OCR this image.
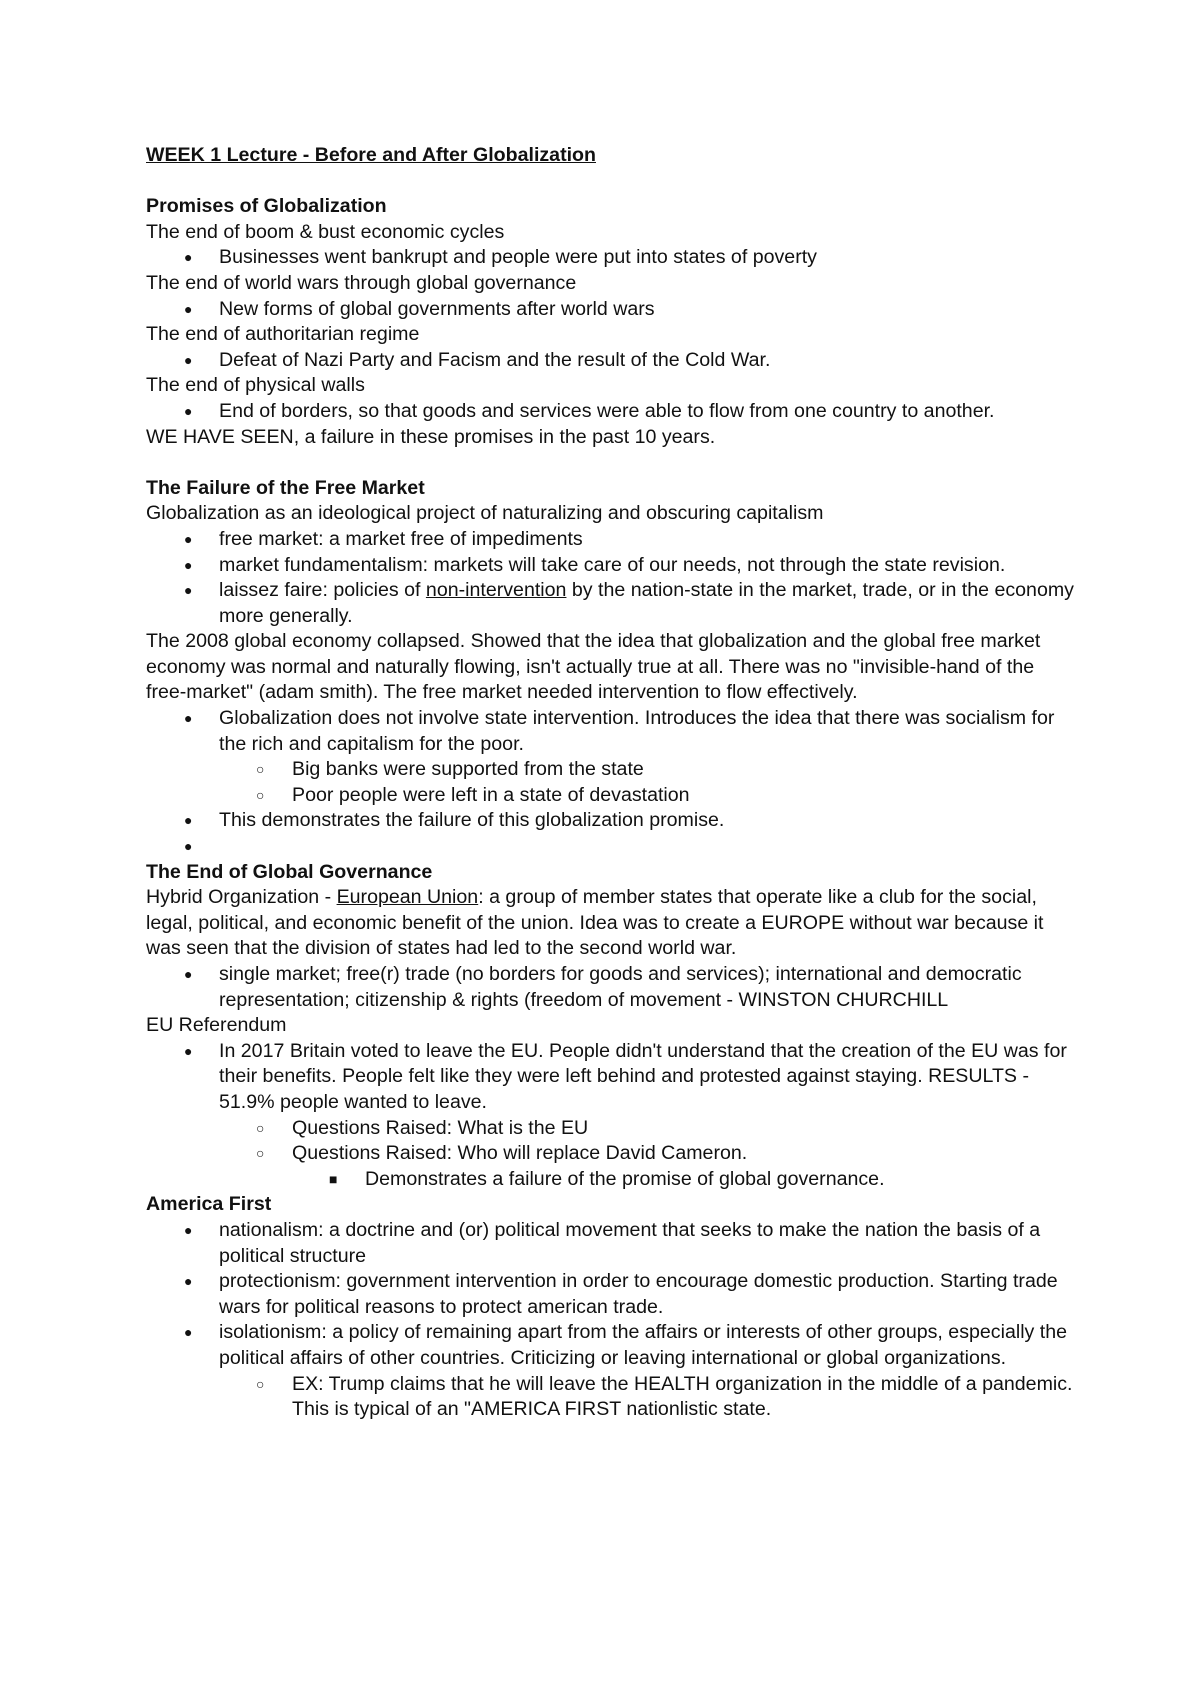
WEEK 1 Lecture - Before and After Globalization

Promises of Globalization

The end of boom & bust economic cycles

● Businesses went bankrupt and people were put into states of poverty

The end of world wars through global governance

● New forms of global governments after world wars

The end of authoritarian regime

● Defeat of Nazi Party and Facism and the result of the Cold War.

The end of physical walls

● End of borders, so that goods and services were able to flow from one country to another.

WE HAVE SEEN, a failure in these promises in the past 10 years.

The Failure of the Free Market

Globalization as an ideological project of naturalizing and obscuring capitalism

● free market: a market free of impediments
● market fundamentalism: markets will take care of our needs, not through the state revision.
● laissez faire: policies of non-intervention by the nation-state in the market, trade, or in the economy more generally.

The 2008 global economy collapsed. Showed that the idea that globalization and the global free market economy was normal and naturally flowing, isn't actually true at all. There was no "invisible-hand of the free-market" (adam smith). The free market needed intervention to flow effectively.

● Globalization does not involve state intervention. Introduces the idea that there was socialism for the rich and capitalism for the poor.
○ Big banks were supported from the state
○ Poor people were left in a state of devastation
● This demonstrates the failure of this globalization promise.
●

The End of Global Governance

Hybrid Organization - European Union: a group of member states that operate like a club for the social, legal, political, and economic benefit of the union. Idea was to create a EUROPE without war because it was seen that the division of states had led to the second world war.

● single market; free(r) trade (no borders for goods and services); international and democratic representation; citizenship & rights (freedom of movement - WINSTON CHURCHILL

EU Referendum

● In 2017 Britain voted to leave the EU. People didn't understand that the creation of the EU was for their benefits. People felt like they were left behind and protested against staying. RESULTS - 51.9% people wanted to leave.
○ Questions Raised: What is the EU
○ Questions Raised: Who will replace David Cameron.
■ Demonstrates a failure of the promise of global governance.

America First

● nationalism: a doctrine and (or) political movement that seeks to make the nation the basis of a political structure
● protectionism: government intervention in order to encourage domestic production. Starting trade wars for political reasons to protect american trade.
● isolationism: a policy of remaining apart from the affairs or interests of other groups, especially the political affairs of other countries. Criticizing or leaving international or global organizations.
○ EX: Trump claims that he will leave the HEALTH organization in the middle of a pandemic. This is typical of an "AMERICA FIRST nationlistic state.
